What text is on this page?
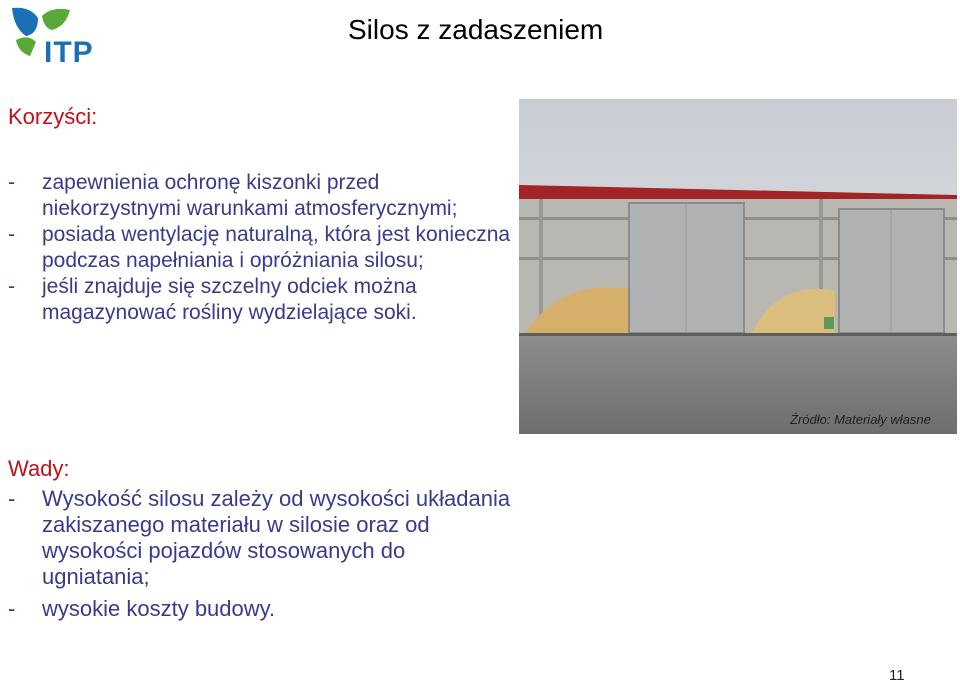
ITP
Silos z zadaszeniem
Korzyści:
- zapewnienia ochronę kiszonki przed niekorzystnymi warunkami atmosferycznymi;
- posiada wentylację naturalną, która jest konieczna podczas napełniania i opróżniania silosu;
- jeśli znajduje się szczelny odciek można magazynować rośliny wydzielające soki.
Wady:
- Wysokość silosu zależy od wysokości układania zakiszanego materiału w silosie oraz od wysokości pojazdów stosowanych do ugniatania;
- wysokie koszty budowy.
Źródło: Materiały własne
11
